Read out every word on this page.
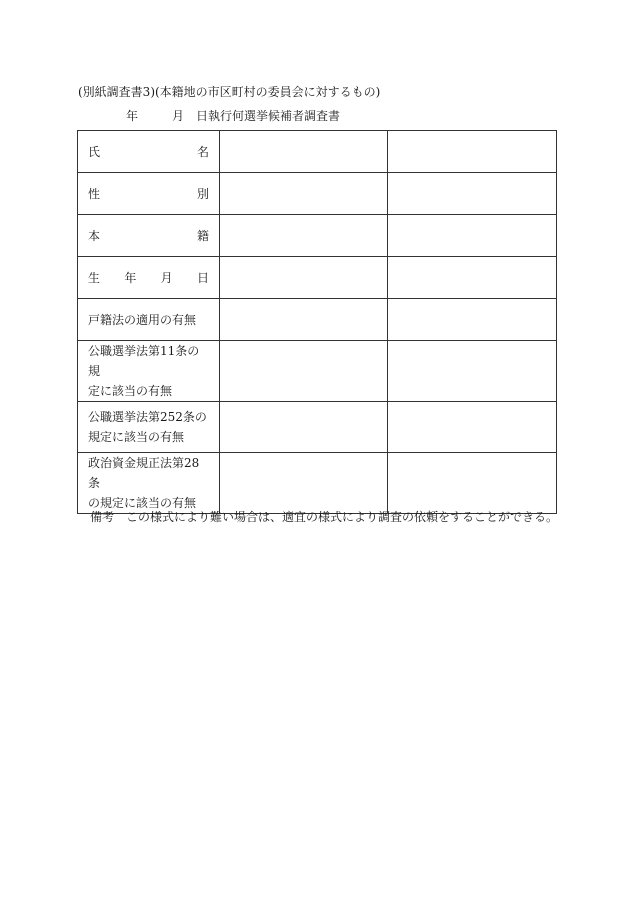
(別紙調査書3)(本籍地の市区町村の委員会に対するもの)
年	月 日執行何選挙候補者調査書
氏 名		

性 別		

本 籍		

生 年 月 日		

戸籍法の適用の有無		

公職選挙法第11条の規
定に該当の有無		

公職選挙法第252条の
規定に該当の有無		

政治資金規正法第28条
の規定に該当の有無		

備考 この様式により難い場合は、適宜の様式により調査の依頼をすることができる。
